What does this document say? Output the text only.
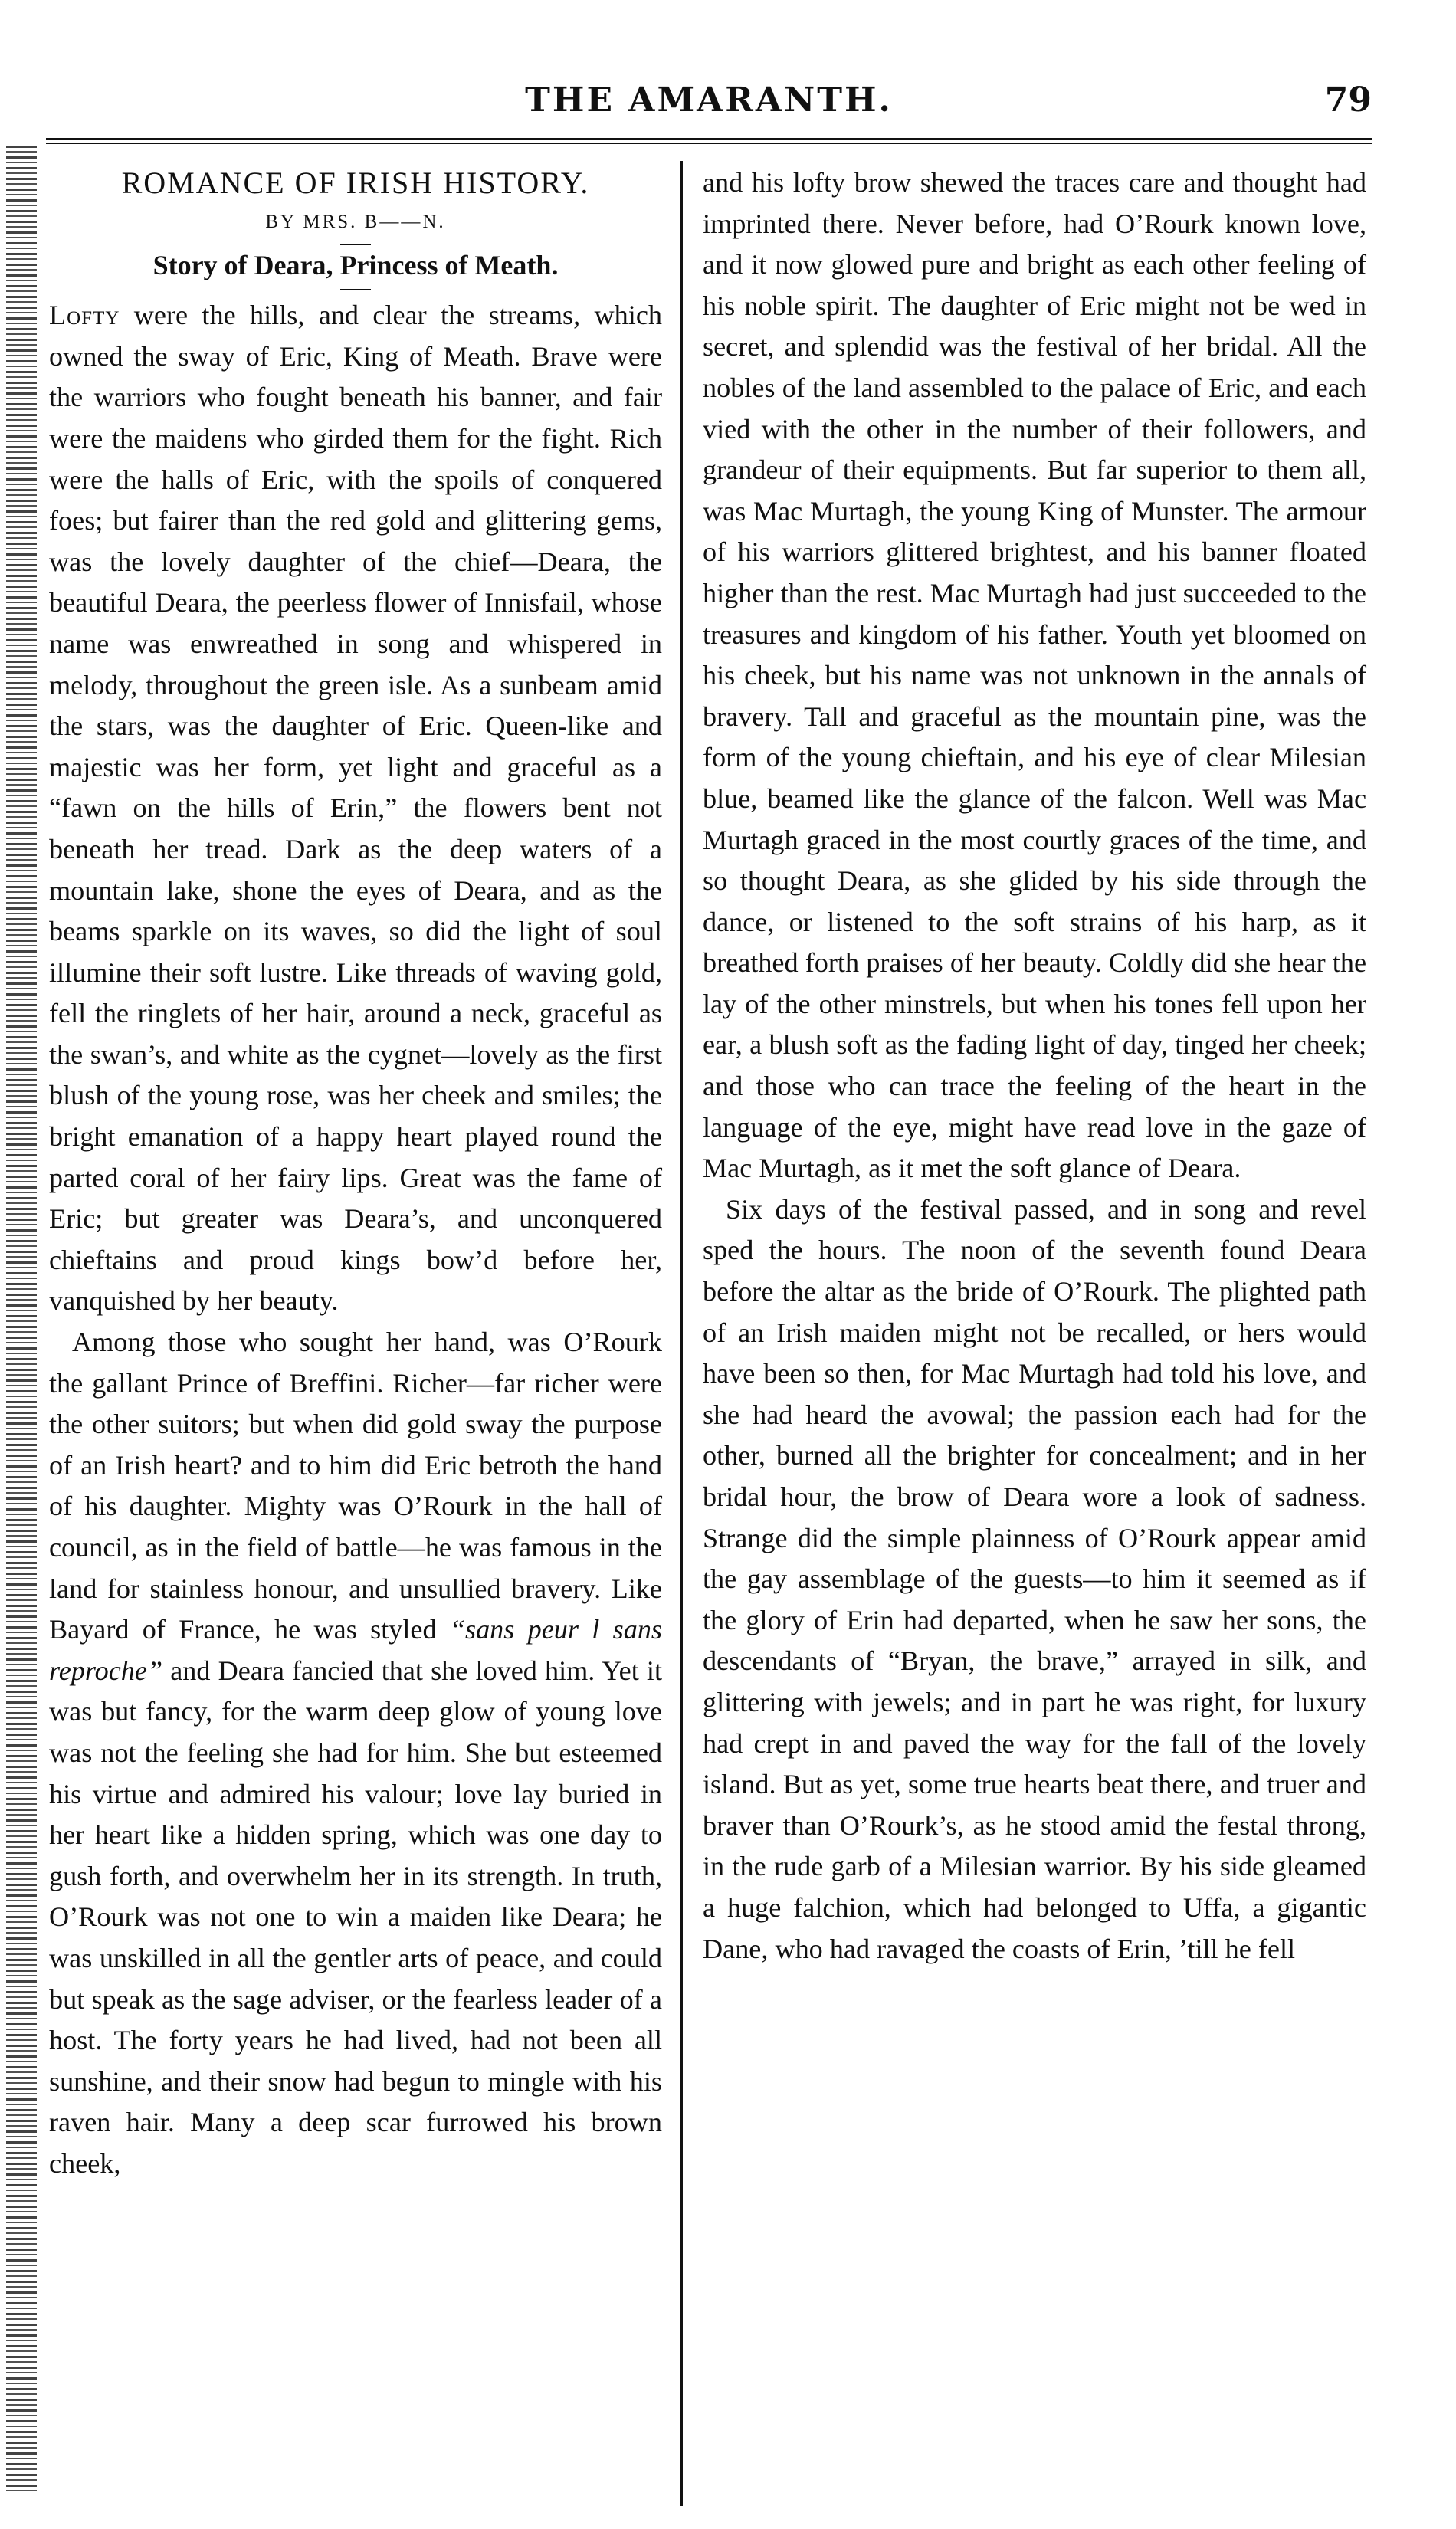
THE AMARANTH.	79

ROMANCE OF IRISH HISTORY.

BY MRS. B——N.

Story of Deara, Princess of Meath.

Lofty were the hills, and clear the streams, which owned the sway of Eric, King of Meath. Brave were the warriors who fought beneath his banner, and fair were the maidens who girded them for the fight. Rich were the halls of Eric, with the spoils of conquered foes; but fairer than the red gold and glittering gems, was the lovely daughter of the chief—Deara, the beautiful Deara, the peerless flower of Innisfail, whose name was enwreathed in song and whispered in melody, throughout the green isle. As a sunbeam amid the stars, was the daughter of Eric. Queen-like and majestic was her form, yet light and graceful as a “fawn on the hills of Erin,” the flowers bent not beneath her tread. Dark as the deep waters of a mountain lake, shone the eyes of Deara, and as the beams sparkle on its waves, so did the light of soul illumine their soft lustre. Like threads of waving gold, fell the ringlets of her hair, around a neck, graceful as the swan’s, and white as the cygnet—lovely as the first blush of the young rose, was her cheek and smiles; the bright emanation of a happy heart played round the parted coral of her fairy lips. Great was the fame of Eric; but greater was Deara’s, and unconquered chieftains and proud kings bow’d before her, vanquished by her beauty.

Among those who sought her hand, was O’Rourk the gallant Prince of Breffini. Richer—far richer were the other suitors; but when did gold sway the purpose of an Irish heart? and to him did Eric betroth the hand of his daughter. Mighty was O’Rourk in the hall of council, as in the field of battle—he was famous in the land for stainless honour, and unsullied bravery. Like Bayard of France, he was styled “sans peur l sans reproche” and Deara fancied that she loved him. Yet it was but fancy, for the warm deep glow of young love was not the feeling she had for him. She but esteemed his virtue and admired his valour; love lay buried in her heart like a hidden spring, which was one day to gush forth, and overwhelm her in its strength. In truth, O’Rourk was not one to win a maiden like Deara; he was unskilled in all the gentler arts of peace, and could but speak as the sage adviser, or the fearless leader of a host. The forty years he had lived, had not been all sunshine, and their snow had begun to mingle with his raven hair. Many a deep scar furrowed his brown cheek,

and his lofty brow shewed the traces care and thought had imprinted there. Never before, had O’Rourk known love, and it now glowed pure and bright as each other feeling of his noble spirit. The daughter of Eric might not be wed in secret, and splendid was the festival of her bridal. All the nobles of the land assembled to the palace of Eric, and each vied with the other in the number of their followers, and grandeur of their equipments. But far superior to them all, was Mac Murtagh, the young King of Munster. The armour of his warriors glittered brightest, and his banner floated higher than the rest. Mac Murtagh had just succeeded to the treasures and kingdom of his father. Youth yet bloomed on his cheek, but his name was not unknown in the annals of bravery. Tall and graceful as the mountain pine, was the form of the young chieftain, and his eye of clear Milesian blue, beamed like the glance of the falcon. Well was Mac Murtagh graced in the most courtly graces of the time, and so thought Deara, as she glided by his side through the dance, or listened to the soft strains of his harp, as it breathed forth praises of her beauty. Coldly did she hear the lay of the other minstrels, but when his tones fell upon her ear, a blush soft as the fading light of day, tinged her cheek; and those who can trace the feeling of the heart in the language of the eye, might have read love in the gaze of Mac Murtagh, as it met the soft glance of Deara.

Six days of the festival passed, and in song and revel sped the hours. The noon of the seventh found Deara before the altar as the bride of O’Rourk. The plighted path of an Irish maiden might not be recalled, or hers would have been so then, for Mac Murtagh had told his love, and she had heard the avowal; the passion each had for the other, burned all the brighter for concealment; and in her bridal hour, the brow of Deara wore a look of sadness. Strange did the simple plainness of O’Rourk appear amid the gay assemblage of the guests—to him it seemed as if the glory of Erin had departed, when he saw her sons, the descendants of “Bryan, the brave,” arrayed in silk, and glittering with jewels; and in part he was right, for luxury had crept in and paved the way for the fall of the lovely island. But as yet, some true hearts beat there, and truer and braver than O’Rourk’s, as he stood amid the festal throng, in the rude garb of a Milesian warrior. By his side gleamed a huge falchion, which had belonged to Uffa, a gigantic Dane, who had ravaged the coasts of Erin, ’till he fell
